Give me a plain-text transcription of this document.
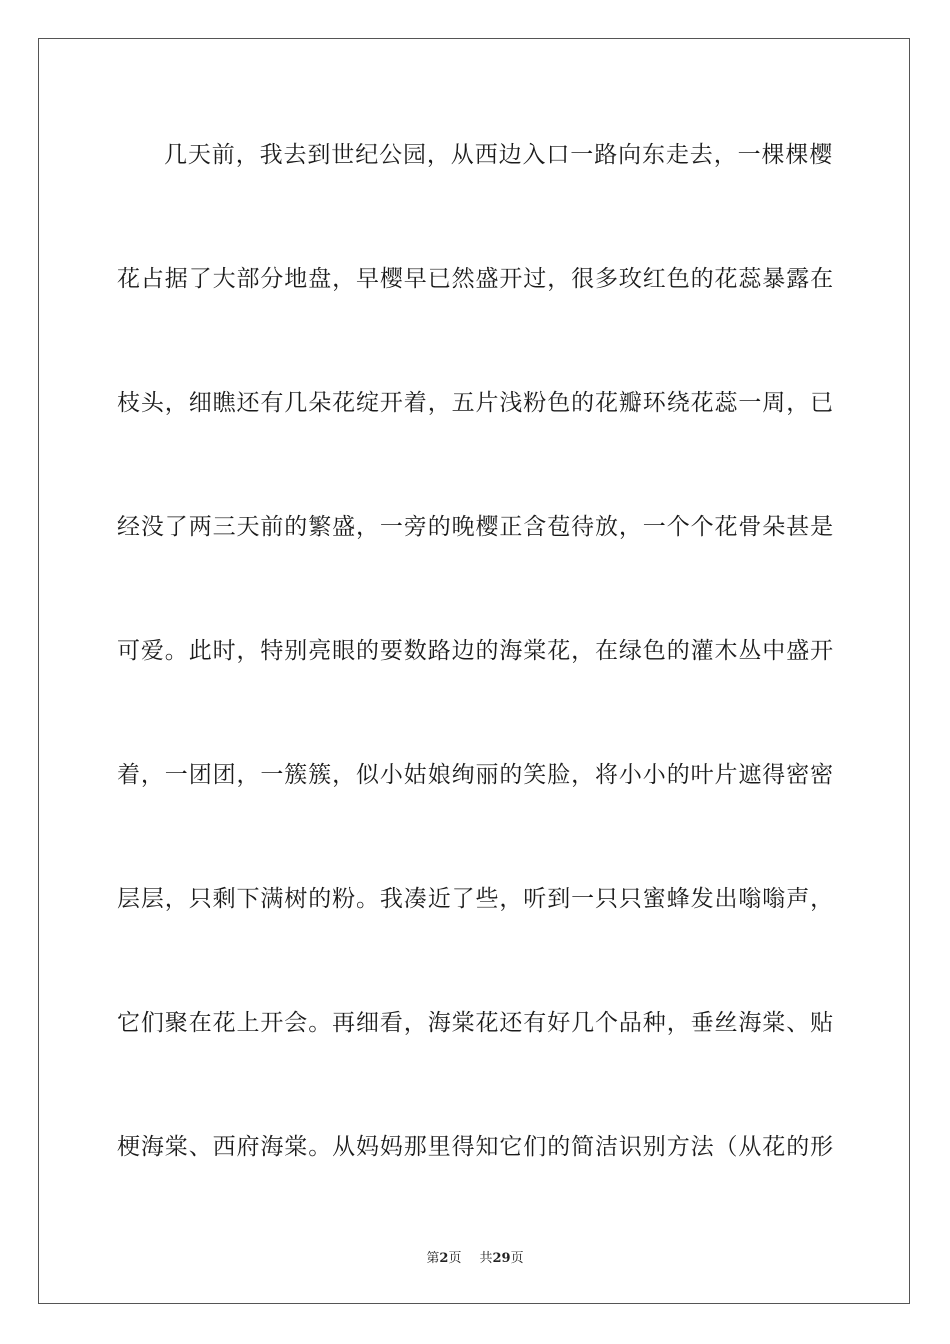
几天前，我去到世纪公园，从西边入口一路向东走去，一棵棵樱
花占据了大部分地盘，早樱早已然盛开过，很多玫红色的花蕊暴露在
枝头，细瞧还有几朵花绽开着，五片浅粉色的花瓣环绕花蕊一周，已
经没了两三天前的繁盛，一旁的晚樱正含苞待放，一个个花骨朵甚是
可爱。此时，特别亮眼的要数路边的海棠花，在绿色的灌木丛中盛开
着，一团团，一簇簇，似小姑娘绚丽的笑脸，将小小的叶片遮得密密
层层，只剩下满树的粉。我凑近了些，听到一只只蜜蜂发出嗡嗡声，
它们聚在花上开会。再细看，海棠花还有好几个品种，垂丝海棠、贴
梗海棠、西府海棠。从妈妈那里得知它们的简洁识别方法（从花的形
第2页 共29页
